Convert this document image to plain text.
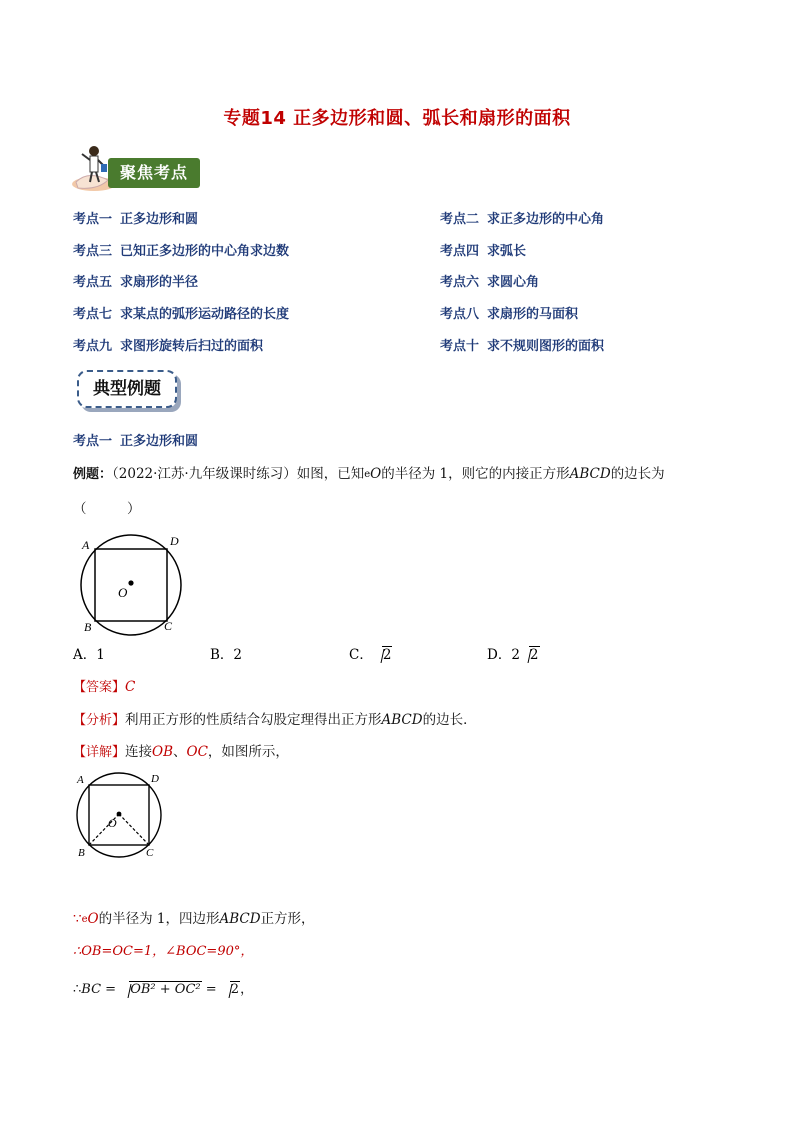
专题14 正多边形和圆、弧长和扇形的面积
聚焦考点
考点一 正多边形和圆	考点二 求正多边形的中心角
考点三 已知正多边形的中心角求边数	考点四 求弧长
考点五 求扇形的半径	考点六 求圆心角
考点七 求某点的弧形运动路径的长度	考点八 求扇形的马面积
考点九 求图形旋转后扫过的面积	考点十 求不规则图形的面积
典型例题
考点一 正多边形和圆
例题：（2022·江苏·九年级课时练习）如图，已知eO的半径为 1，则它的内接正方形ABCD的边长为
（　　　）
A	D
B	C
O
A．1	B．2	C． 2	D．2 2
【答案】C
【分析】利用正方形的性质结合勾股定理得出正方形ABCD的边长．
【详解】连接OB、OC，如图所示，
A	D
B	C
O
∵eO的半径为 1，四边形ABCD正方形，
∴OB=OC=1，∠BOC=90°，
∴BC = OB² + OC² = 2，
